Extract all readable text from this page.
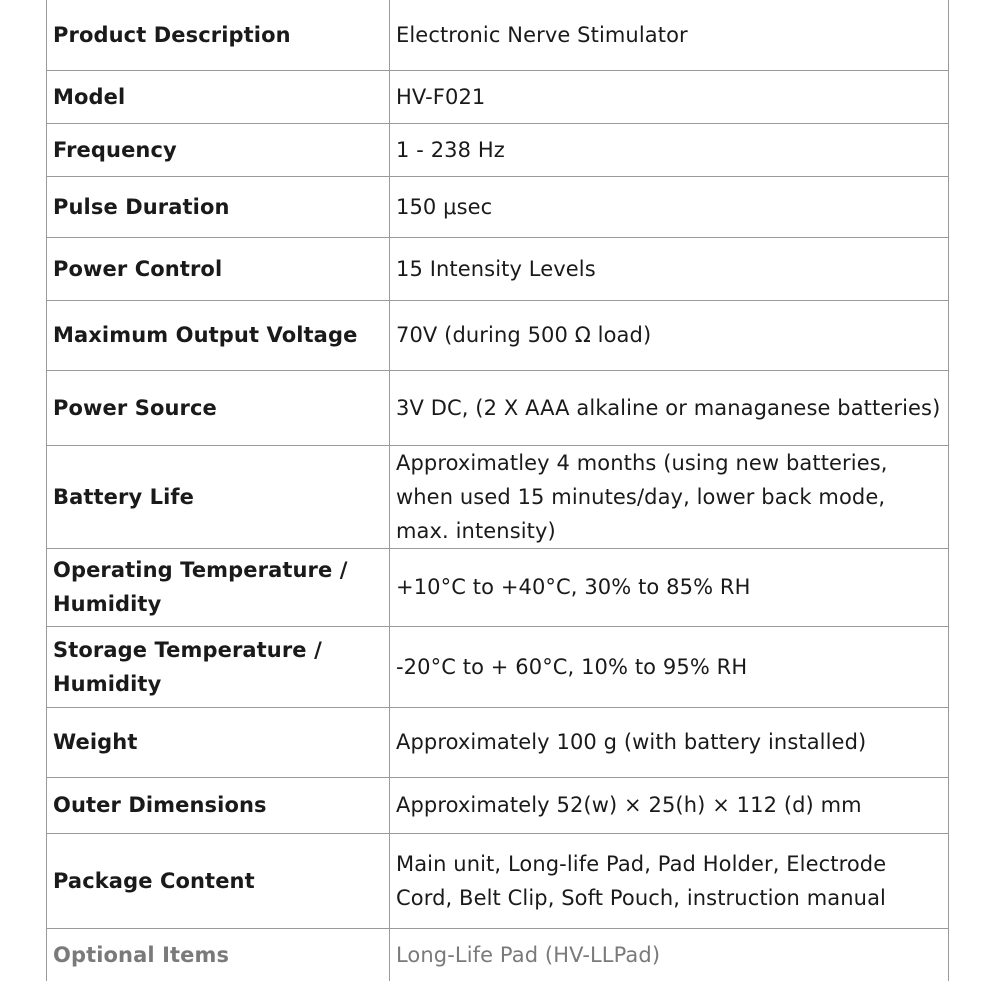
Product Description	Electronic Nerve Stimulator

Model	HV-F021

Frequency	1 - 238 Hz

Pulse Duration	150 μsec

Power Control	15 Intensity Levels

Maximum Output Voltage	70V (during 500 Ω load)

Power Source	3V DC, (2 X AAA alkaline or managanese batteries)

Battery Life	Approximatley 4 months (using new batteries,
when used 15 minutes/day, lower back mode,
max. intensity)

Operating Temperature /
Humidity	+10°C to +40°C, 30% to 85% RH

Storage Temperature /
Humidity	-20°C to + 60°C, 10% to 95% RH

Weight	Approximately 100 g (with battery installed)

Outer Dimensions	Approximately 52(w) × 25(h) × 112 (d) mm

Package Content	Main unit, Long-life Pad, Pad Holder, Electrode
Cord, Belt Clip, Soft Pouch, instruction manual

Optional Items	Long-Life Pad (HV-LLPad)
